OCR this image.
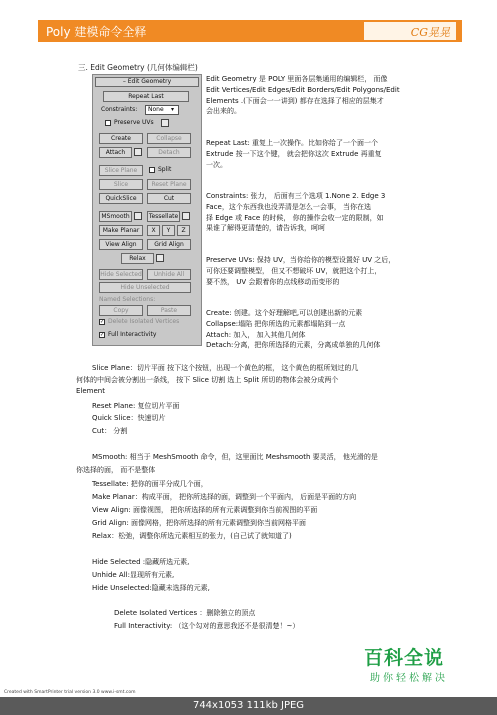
Poly 建模命令全释	CG晃晃
三. Edit Geometry (几何体编辑栏)
– Edit Geometry
Repeat Last
Constraints:	None	▾
Preserve UVs
Create	Collapse
Attach	Detach
Slice Plane	Split
Slice	Reset Plane
QuickSlice	Cut
MSmooth	Tessellate
Make Planar	X	Y	Z
View Align	Grid Align
Relax
Hide Selected	Unhide All
Hide Unselected
Named Selections:
Copy	Paste
✓ Delete Isolated Vertices
✓ Full Interactivity
Edit Geometry 是 POLY 里面各层集通用的编辑栏， 而像
Edit Vertices/Edit Edges/Edit Borders/Edit Polygons/Edit
Elements .(下面会一一讲到) 都存在选择了相应的层集才
会出来的。
Repeat Last: 重复上一次操作。比如你给了一个面一个
Extrude 按一下这个键， 就会把你这次 Extrude 再重复
一次。
Constraints: 张力， 后面有三个选项 1.None 2. Edge 3
Face，这个东西我也没弄清是怎么一会事， 当你在选
择 Edge 或 Face 的时候， 你的操作会收一定的限制，如
果谁了解得更清楚的，请告诉我，呵呵
Preserve UVs: 保持 UV，当你给你的模型设置好 UV 之后，
可你还要调整模型， 但又不想破坏 UV，就把这个打上，
要不然， UV 会跟着你的点线移动而变形的
Create: 创建。这个好理解吧,可以创建出新的元素
Collapse:塌陷 把你所选的元素都塌陷到一点
Attach: 加入， 加入其他几何体
Detach:分离，把你所选择的元素，分离成单独的几何体
Slice Plane：切片平面 按下这个按钮，出现一个黄色的框， 这个黄色的框所划过的几
何体的中间会被分割出一条线， 按下 Slice 切割 选上 Split 所切的物体会被分成两个
Element
Reset Plane: 复位切片平面
Quick Slice：快速切片
Cut： 分割
MSmooth: 相当于 MeshSmooth 命令，但，这里面比 Meshsmooth 要灵活， 他光滑的是
你选择的面， 而不是整体
Tessellate: 把你的面平分成几个面，
Make Planar：构成平面， 把你所选择的面，调整到一个平面内， 后面是平面的方向
View Align: 面像视图， 把你所选择的所有元素调整到你当前视图的平面
Grid Align: 面像网格，把你所选择的所有元素调整到你当前网格平面
Relax：松弛，调整你所选元素相互的张力，(自己试了就知道了)
Hide Selected :隐藏所选元素,
Unhide All:显现所有元素,
Hide Unselected:隐藏未选择的元素,
Delete Isolated Vertices ：删除独立的顶点
Full Interactivity: （这个勾对的意思我还不是很清楚！~）
百科全说
助你轻松解决
Created with SmartPrinter trial version 3.0 www.i-smt.com
744x1053 111kb JPEG
